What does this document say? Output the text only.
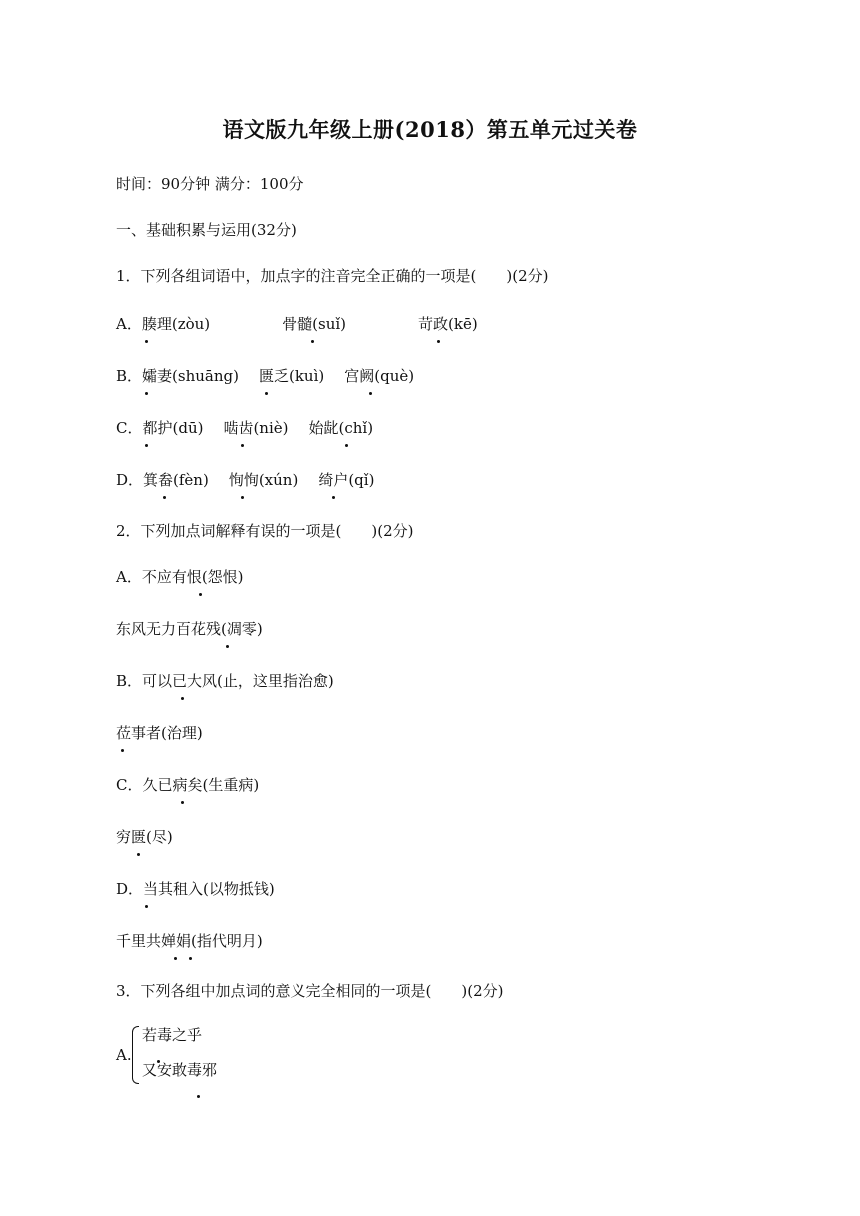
语文版九年级上册(2018）第五单元过关卷
时间：90分钟 满分：100分
一、基础积累与运用(32分)
1．下列各组词语中，加点字的注音完全正确的一项是(　　)(2分)
A．腠理(zòu)	骨髓(suǐ)	苛政(kē)
B．孀妻(shuāng) 匮乏(kuì) 宫阙(què)
C．都护(dū) 啮齿(niè) 始龀(chǐ)
D．箕畚(fèn) 恂恂(xún) 绮户(qǐ)
2．下列加点词解释有误的一项是(　　)(2分)
A．不应有恨(怨恨)
东风无力百花残(凋零)
B．可以已大风(止，这里指治愈)
莅事者(治理)
C．久已病矣(生重病)
穷匮(尽)
D．当其租入(以物抵钱)
千里共婵娟(指代明月)
3．下列各组中加点词的意义完全相同的一项是(　　)(2分)
A.
若毒之乎
又安敢毒邪
